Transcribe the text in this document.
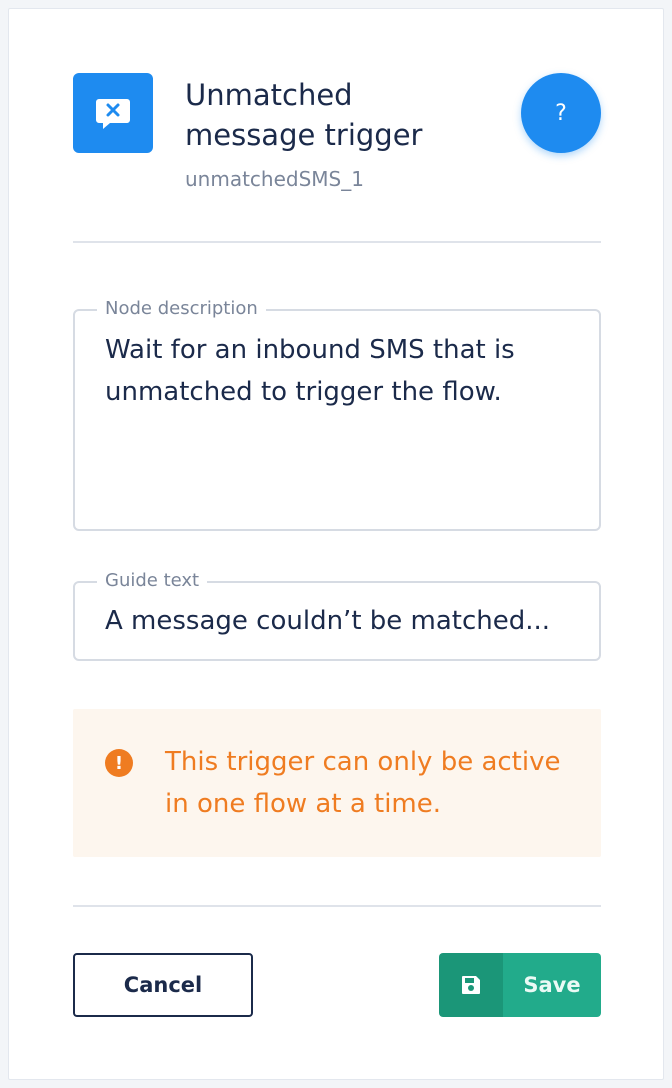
Unmatched message trigger
unmatchedSMS_1
?
Node description
Wait for an inbound SMS that is unmatched to trigger the flow.
Guide text
A message couldn’t be matched...
!	This trigger can only be active in one flow at a time.
Cancel	Save
